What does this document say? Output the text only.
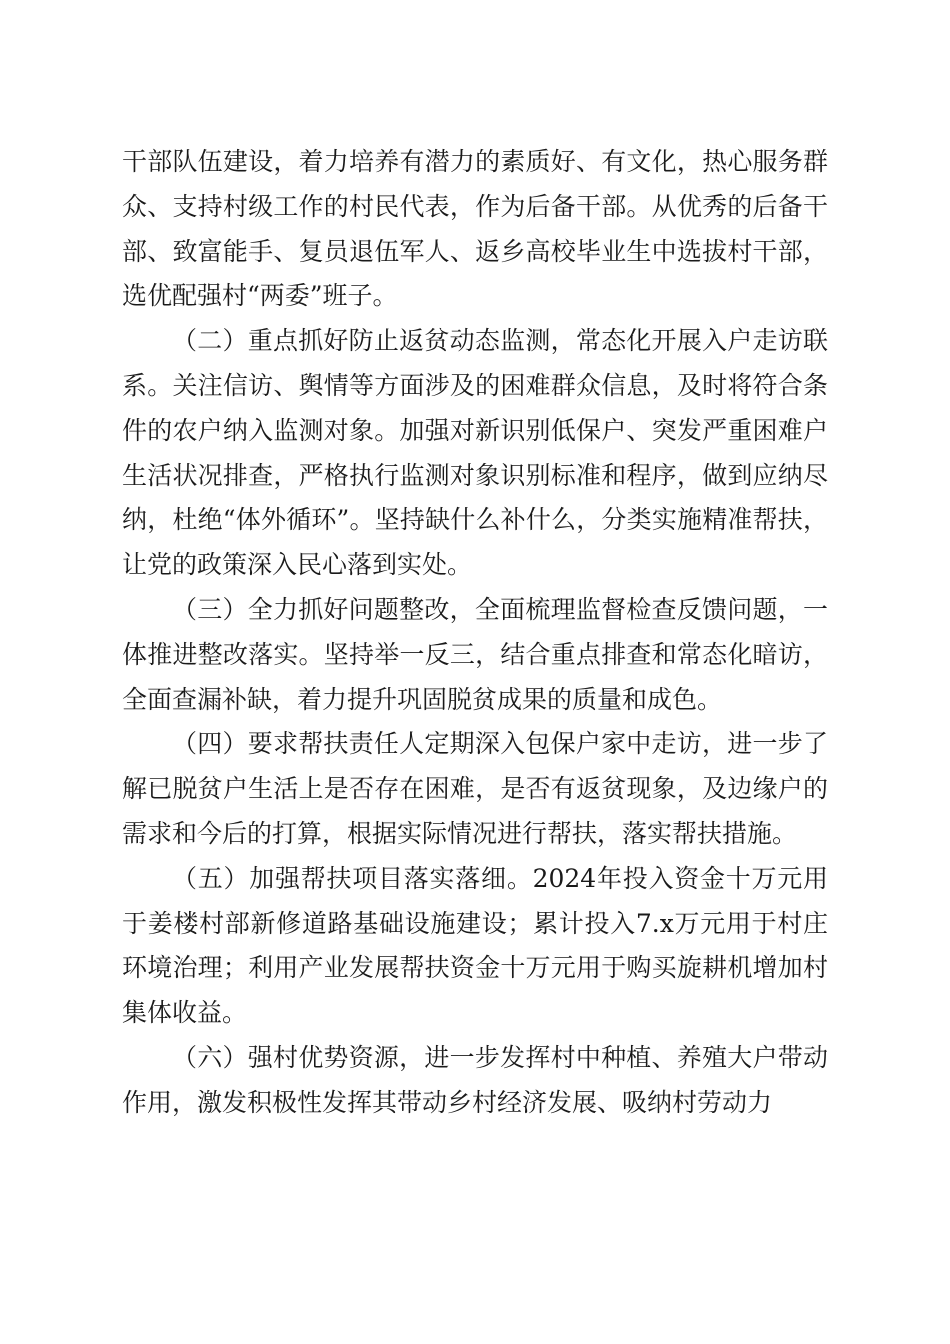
干部队伍建设，着力培养有潜力的素质好、有文化，热心服务群众、支持村级工作的村民代表，作为后备干部。从优秀的后备干部、致富能手、复员退伍军人、返乡高校毕业生中选拔村干部，选优配强村“两委”班子。

（二）重点抓好防止返贫动态监测，常态化开展入户走访联系。关注信访、舆情等方面涉及的困难群众信息，及时将符合条件的农户纳入监测对象。加强对新识别低保户、突发严重困难户生活状况排查，严格执行监测对象识别标准和程序，做到应纳尽纳，杜绝“体外循环”。坚持缺什么补什么，分类实施精准帮扶，让党的政策深入民心落到实处。

（三）全力抓好问题整改，全面梳理监督检查反馈问题，一体推进整改落实。坚持举一反三，结合重点排查和常态化暗访，全面查漏补缺，着力提升巩固脱贫成果的质量和成色。

（四）要求帮扶责任人定期深入包保户家中走访，进一步了解已脱贫户生活上是否存在困难，是否有返贫现象，及边缘户的需求和今后的打算，根据实际情况进行帮扶，落实帮扶措施。

（五）加强帮扶项目落实落细。2024年投入资金十万元用于姜楼村部新修道路基础设施建设；累计投入7.x万元用于村庄环境治理；利用产业发展帮扶资金十万元用于购买旋耕机增加村集体收益。

（六）强村优势资源，进一步发挥村中种植、养殖大户带动作用，激发积极性发挥其带动乡村经济发展、吸纳村劳动力
